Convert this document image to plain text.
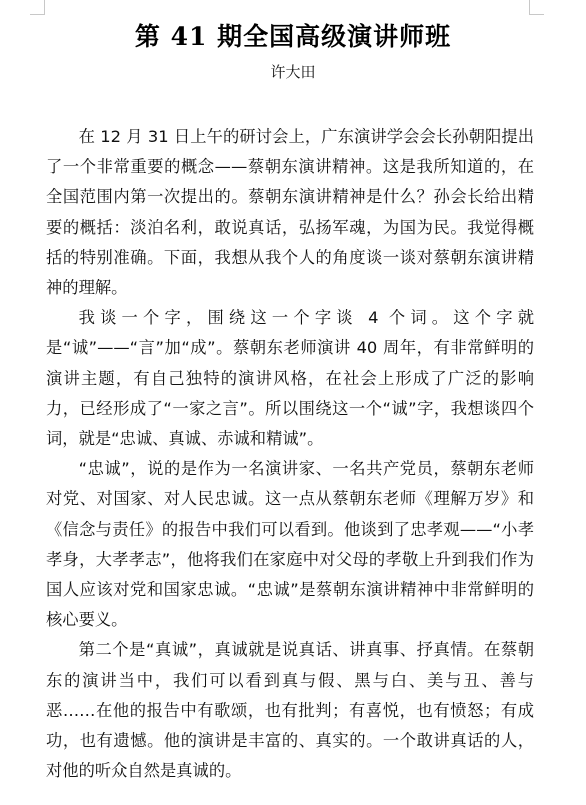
第 41 期全国高级演讲师班
许大田

在 12 月 31 日上午的研讨会上，广东演讲学会会长孙朝阳提出了一个非常重要的概念——蔡朝东演讲精神。这是我所知道的，在全国范围内第一次提出的。蔡朝东演讲精神是什么？孙会长给出精要的概括：淡泊名利，敢说真话，弘扬军魂，为国为民。我觉得概括的特别准确。下面，我想从我个人的角度谈一谈对蔡朝东演讲精神的理解。

我谈一个字，围绕这一个字谈 4 个词。这个字就是“诚”——“言”加“成”。蔡朝东老师演讲 40 周年，有非常鲜明的演讲主题，有自己独特的演讲风格，在社会上形成了广泛的影响力，已经形成了“一家之言”。所以围绕这一个“诚”字，我想谈四个词，就是“忠诚、真诚、赤诚和精诚”。

“忠诚”，说的是作为一名演讲家、一名共产党员，蔡朝东老师对党、对国家、对人民忠诚。这一点从蔡朝东老师《理解万岁》和《信念与责任》的报告中我们可以看到。他谈到了忠孝观——“小孝孝身，大孝孝志”，他将我们在家庭中对父母的孝敬上升到我们作为国人应该对党和国家忠诚。“忠诚”是蔡朝东演讲精神中非常鲜明的核心要义。

第二个是“真诚”，真诚就是说真话、讲真事、抒真情。在蔡朝东的演讲当中，我们可以看到真与假、黑与白、美与丑、善与恶……在他的报告中有歌颂，也有批判；有喜悦，也有愤怒；有成功，也有遗憾。他的演讲是丰富的、真实的。一个敢讲真话的人，对他的听众自然是真诚的。
